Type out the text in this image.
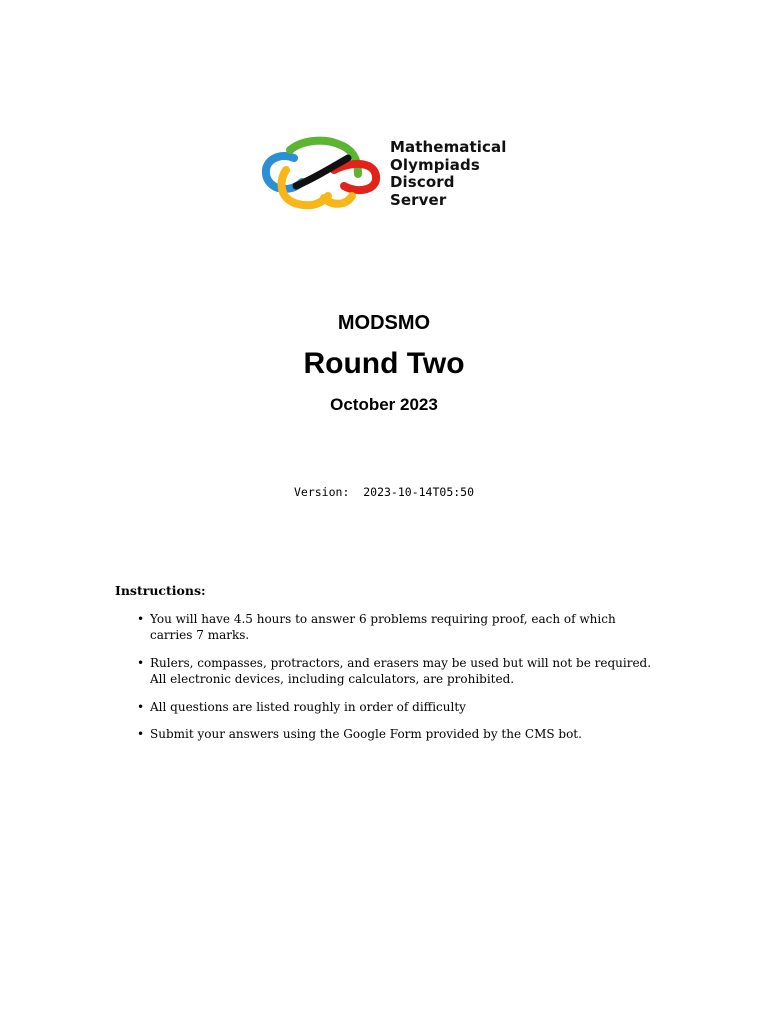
Mathematical
Olympiads
Discord
Server
MODSMO
Round Two
October 2023
Version: 2023-10-14T05:50
Instructions:
• You will have 4.5 hours to answer 6 problems requiring proof, each of which carries 7 marks.
• Rulers, compasses, protractors, and erasers may be used but will not be required. All electronic devices, including calculators, are prohibited.
• All questions are listed roughly in order of difficulty
• Submit your answers using the Google Form provided by the CMS bot.
